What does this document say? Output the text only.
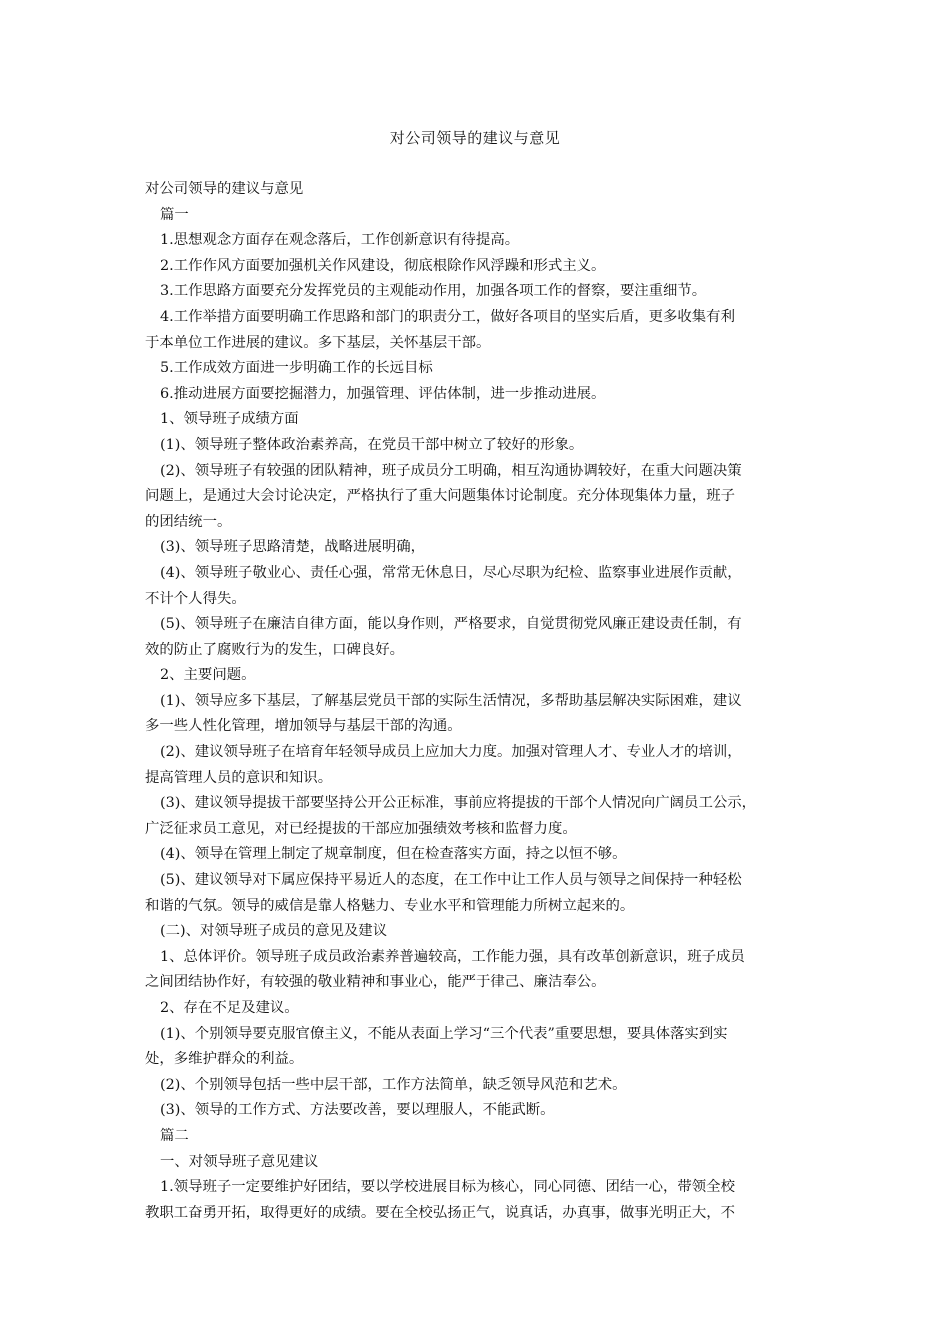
对公司领导的建议与意见
对公司领导的建议与意见
篇一
1.思想观念方面存在观念落后，工作创新意识有待提高。
2.工作作风方面要加强机关作风建设，彻底根除作风浮躁和形式主义。
3.工作思路方面要充分发挥党员的主观能动作用，加强各项工作的督察，要注重细节。
4.工作举措方面要明确工作思路和部门的职责分工，做好各项目的坚实后盾，更多收集有利
于本单位工作进展的建议。多下基层，关怀基层干部。
5.工作成效方面进一步明确工作的长远目标
6.推动进展方面要挖掘潜力，加强管理、评估体制，进一步推动进展。
1、领导班子成绩方面
(1)、领导班子整体政治素养高，在党员干部中树立了较好的形象。
(2)、领导班子有较强的团队精神，班子成员分工明确，相互沟通协调较好，在重大问题决策
问题上，是通过大会讨论决定，严格执行了重大问题集体讨论制度。充分体现集体力量，班子
的团结统一。
(3)、领导班子思路清楚，战略进展明确，
(4)、领导班子敬业心、责任心强，常常无休息日，尽心尽职为纪检、监察事业进展作贡献，
不计个人得失。
(5)、领导班子在廉洁自律方面，能以身作则，严格要求，自觉贯彻党风廉正建设责任制，有
效的防止了腐败行为的发生，口碑良好。
2、主要问题。
(1)、领导应多下基层，了解基层党员干部的实际生活情况，多帮助基层解决实际困难，建议
多一些人性化管理，增加领导与基层干部的沟通。
(2)、建议领导班子在培育年轻领导成员上应加大力度。加强对管理人才、专业人才的培训，
提高管理人员的意识和知识。
(3)、建议领导提拔干部要坚持公开公正标准，事前应将提拔的干部个人情况向广阔员工公示，
广泛征求员工意见，对已经提拔的干部应加强绩效考核和监督力度。
(4)、领导在管理上制定了规章制度，但在检查落实方面，持之以恒不够。
(5)、建议领导对下属应保持平易近人的态度，在工作中让工作人员与领导之间保持一种轻松
和谐的气氛。领导的威信是靠人格魅力、专业水平和管理能力所树立起来的。
(二)、对领导班子成员的意见及建议
1、总体评价。领导班子成员政治素养普遍较高，工作能力强，具有改革创新意识，班子成员
之间团结协作好，有较强的敬业精神和事业心，能严于律己、廉洁奉公。
2、存在不足及建议。
(1)、个别领导要克服官僚主义，不能从表面上学习“三个代表”重要思想，要具体落实到实
处，多维护群众的利益。
(2)、个别领导包括一些中层干部，工作方法简单，缺乏领导风范和艺术。
(3)、领导的工作方式、方法要改善，要以理服人，不能武断。
篇二
一、对领导班子意见建议
1.领导班子一定要维护好团结，要以学校进展目标为核心，同心同德、团结一心，带领全校
教职工奋勇开拓，取得更好的成绩。要在全校弘扬正气，说真话，办真事，做事光明正大，不
